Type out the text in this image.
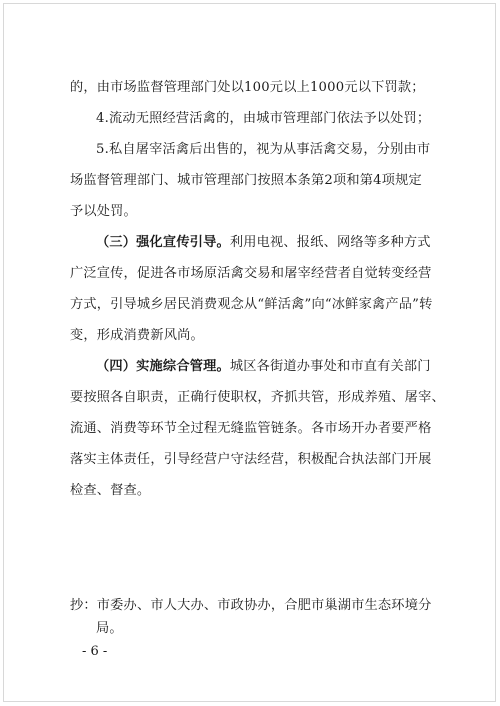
的，由市场监督管理部门处以100元以上1000元以下罚款；
4.流动无照经营活禽的，由城市管理部门依法予以处罚；
5.私自屠宰活禽后出售的，视为从事活禽交易，分别由市
场监督管理部门、城市管理部门按照本条第2项和第4项规定
予以处罚。
（三）强化宣传引导。利用电视、报纸、网络等多种方式
广泛宣传，促进各市场原活禽交易和屠宰经营者自觉转变经营
方式，引导城乡居民消费观念从“鲜活禽”向“冰鲜家禽产品”转
变，形成消费新风尚。
（四）实施综合管理。城区各街道办事处和市直有关部门
要按照各自职责，正确行使职权，齐抓共管，形成养殖、屠宰、
流通、消费等环节全过程无缝监管链条。各市场开办者要严格
落实主体责任，引导经营户守法经营，积极配合执法部门开展
检查、督查。
抄：市委办、市人大办、市政协办，合肥市巢湖市生态环境分
局。
- 6 -
